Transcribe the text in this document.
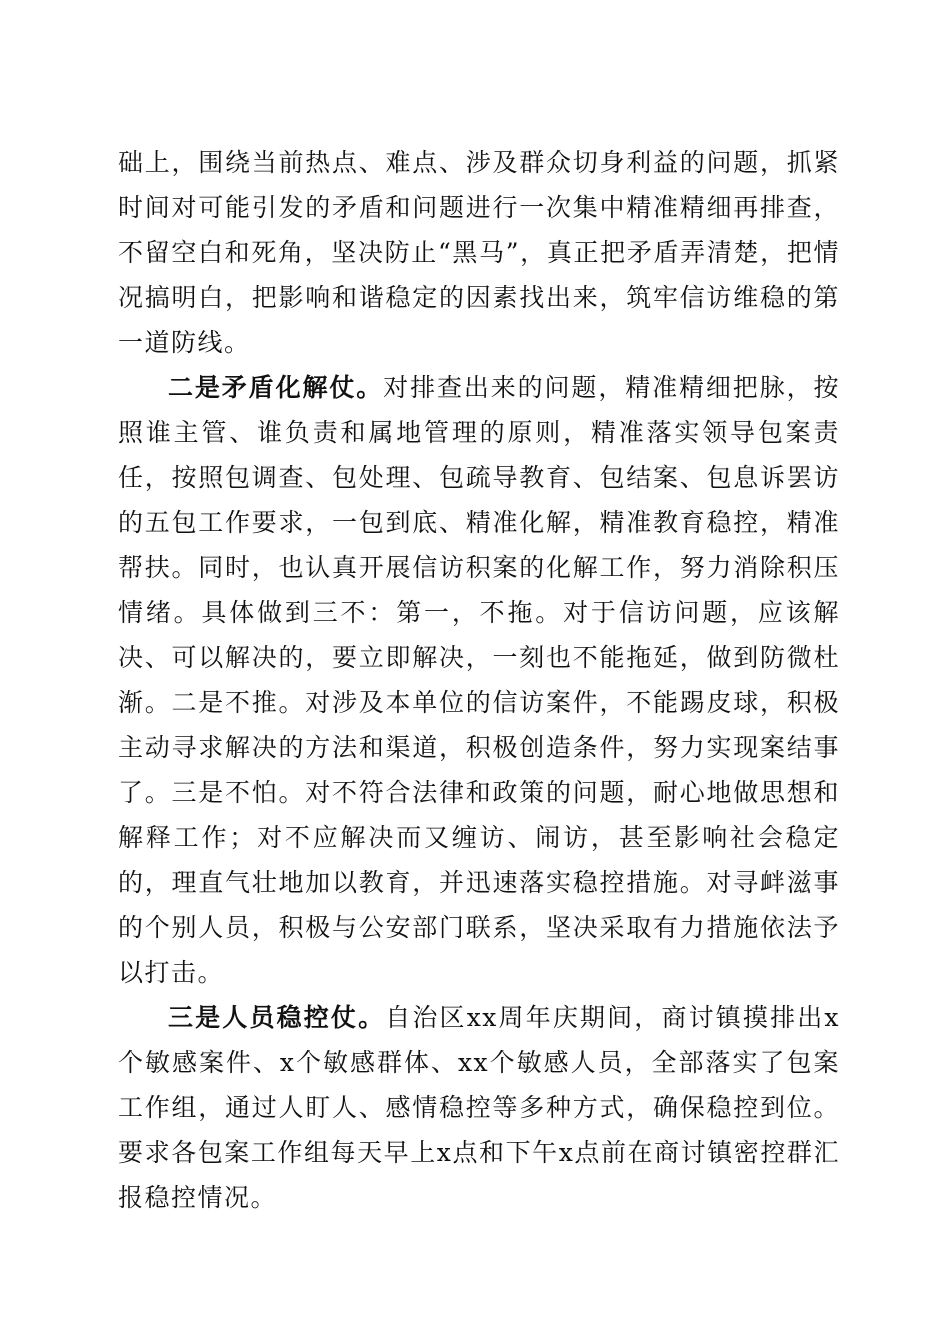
础上，围绕当前热点、难点、涉及群众切身利益的问题，抓紧时间对可能引发的矛盾和问题进行一次集中精准精细再排查，不留空白和死角，坚决防止“黑马”，真正把矛盾弄清楚，把情况搞明白，把影响和谐稳定的因素找出来，筑牢信访维稳的第一道防线。

二是矛盾化解仗。对排查出来的问题，精准精细把脉，按照谁主管、谁负责和属地管理的原则，精准落实领导包案责任，按照包调查、包处理、包疏导教育、包结案、包息诉罢访的五包工作要求，一包到底、精准化解，精准教育稳控，精准帮扶。同时，也认真开展信访积案的化解工作，努力消除积压情绪。具体做到三不：第一，不拖。对于信访问题，应该解决、可以解决的，要立即解决，一刻也不能拖延，做到防微杜渐。二是不推。对涉及本单位的信访案件，不能踢皮球，积极主动寻求解决的方法和渠道，积极创造条件，努力实现案结事了。三是不怕。对不符合法律和政策的问题，耐心地做思想和解释工作；对不应解决而又缠访、闹访，甚至影响社会稳定的，理直气壮地加以教育，并迅速落实稳控措施。对寻衅滋事的个别人员，积极与公安部门联系，坚决采取有力措施依法予以打击。

三是人员稳控仗。自治区xx周年庆期间，商讨镇摸排出x个敏感案件、x个敏感群体、xx个敏感人员，全部落实了包案工作组，通过人盯人、感情稳控等多种方式，确保稳控到位。要求各包案工作组每天早上x点和下午x点前在商讨镇密控群汇报稳控情况。
